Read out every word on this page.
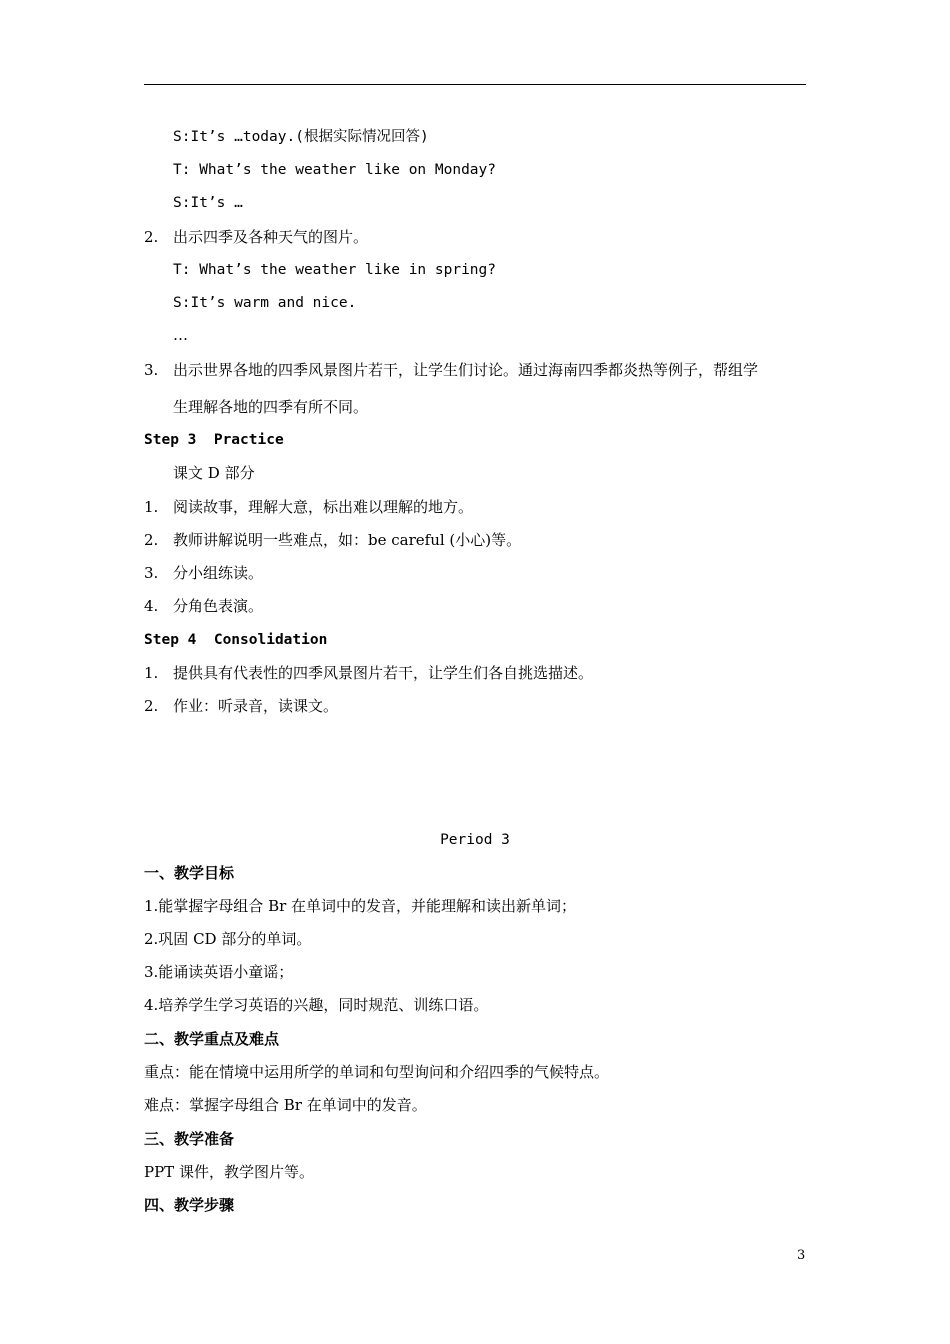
S:It’s …today.(根据实际情况回答)
T: What’s the weather like on Monday?
S:It’s …
2. 出示四季及各种天气的图片。
T: What’s the weather like in spring?
S:It’s warm and nice.
…
3. 出示世界各地的四季风景图片若干，让学生们讨论。通过海南四季都炎热等例子，帮组学
生理解各地的四季有所不同。
Step 3  Practice
课文 D 部分
1. 阅读故事，理解大意，标出难以理解的地方。
2. 教师讲解说明一些难点，如：be careful (小心)等。
3. 分小组练读。
4. 分角色表演。
Step 4  Consolidation
1. 提供具有代表性的四季风景图片若干，让学生们各自挑选描述。
2. 作业：听录音，读课文。
Period 3
一、教学目标
1.能掌握字母组合 Br 在单词中的发音，并能理解和读出新单词；
2.巩固 CD 部分的单词。
3.能诵读英语小童谣；
4.培养学生学习英语的兴趣，同时规范、训练口语。
二、教学重点及难点
重点：能在情境中运用所学的单词和句型询问和介绍四季的气候特点。
难点：掌握字母组合 Br 在单词中的发音。
三、教学准备
PPT 课件，教学图片等。
四、教学步骤
3
